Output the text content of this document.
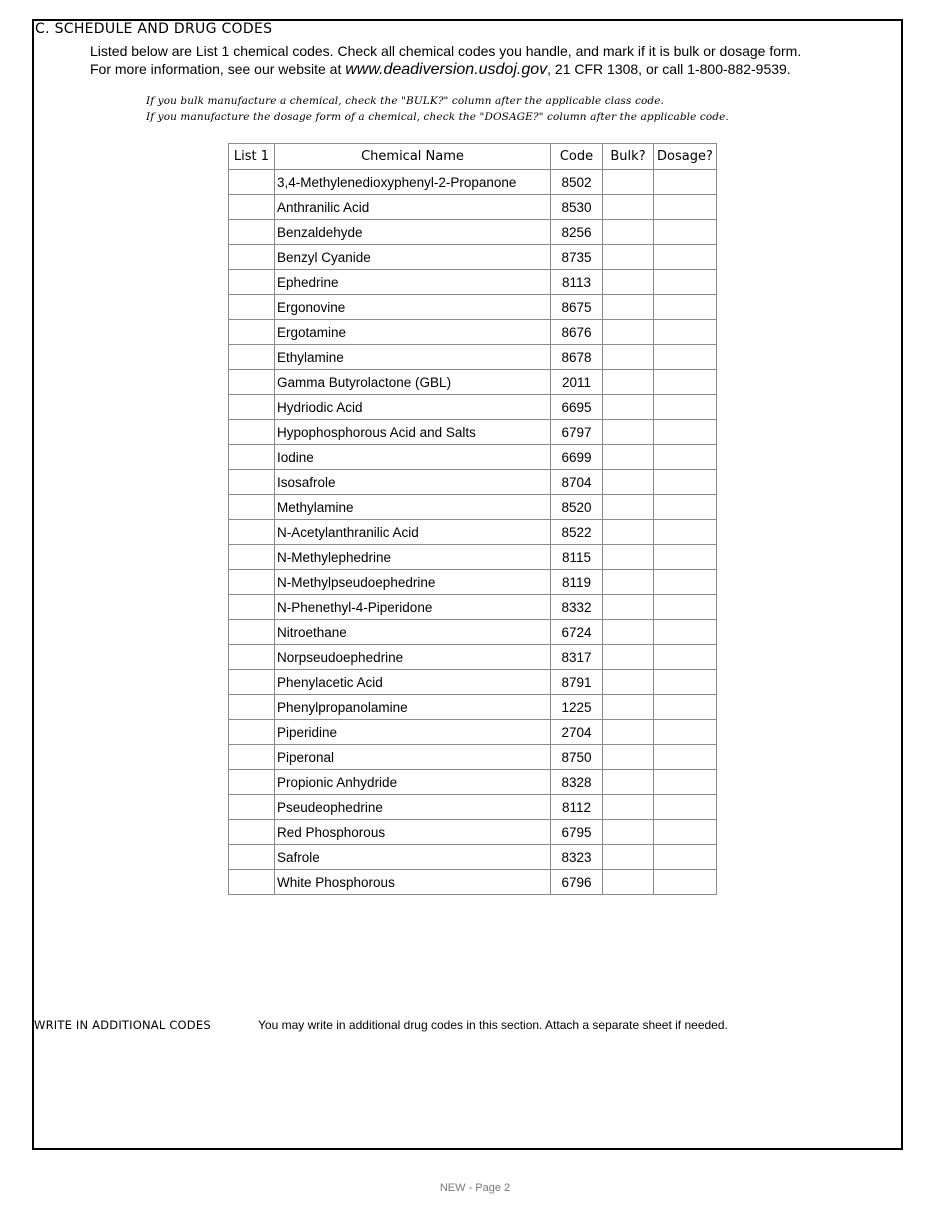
C. SCHEDULE AND DRUG CODES
Listed below are List 1 chemical codes. Check all chemical codes you handle, and mark if it is bulk or dosage form.
For more information, see our website at www.deadiversion.usdoj.gov, 21 CFR 1308, or call 1-800-882-9539.
If you bulk manufacture a chemical, check the "BULK?" column after the applicable class code.
If you manufacture the dosage form of a chemical, check the "DOSAGE?" column after the applicable code.
List 1	Chemical Name	Code	Bulk?	Dosage?
	3,4-Methylenedioxyphenyl-2-Propanone	8502		
	Anthranilic Acid	8530		
	Benzaldehyde	8256		
	Benzyl Cyanide	8735		
	Ephedrine	8113		
	Ergonovine	8675		
	Ergotamine	8676		
	Ethylamine	8678		
	Gamma Butyrolactone (GBL)	2011		
	Hydriodic Acid	6695		
	Hypophosphorous Acid and Salts	6797		
	Iodine	6699		
	Isosafrole	8704		
	Methylamine	8520		
	N-Acetylanthranilic Acid	8522		
	N-Methylephedrine	8115		
	N-Methylpseudoephedrine	8119		
	N-Phenethyl-4-Piperidone	8332		
	Nitroethane	6724		
	Norpseudoephedrine	8317		
	Phenylacetic Acid	8791		
	Phenylpropanolamine	1225		
	Piperidine	2704		
	Piperonal	8750		
	Propionic Anhydride	8328		
	Pseudeophedrine	8112		
	Red Phosphorous	6795		
	Safrole	8323		
	White Phosphorous	6796		
WRITE IN ADDITIONAL CODES	You may write in additional drug codes in this section. Attach a separate sheet if needed.
NEW - Page 2
